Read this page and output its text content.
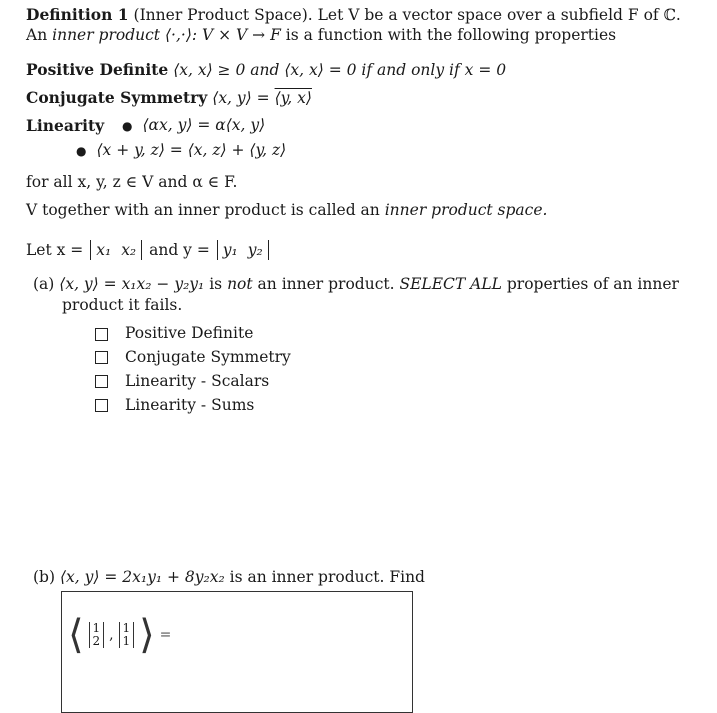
Definition 1 (Inner Product Space). Let V be a vector space over a subfield F of ℂ.
An inner product ⟨·,·⟩: V × V → F is a function with the following properties
Positive Definite ⟨x, x⟩ ≥ 0 and ⟨x, x⟩ = 0 if and only if x = 0
Conjugate Symmetry ⟨x, y⟩ = ⟨y, x⟩
Linearity ● ⟨αx, y⟩ = α⟨x, y⟩
● ⟨x + y, z⟩ = ⟨x, z⟩ + ⟨y, z⟩
for all x, y, z ∈ V and α ∈ F.
V together with an inner product is called an inner product space.
Let x = x₁ x₂ and y = y₁ y₂
(a) ⟨x, y⟩ = x₁x₂ − y₂y₁ is not an inner product. SELECT ALL properties of an inner
product it fails.
Positive Definite
Conjugate Symmetry
Linearity - Scalars
Linearity - Sums
(b) ⟨x, y⟩ = 2x₁y₁ + 8y₂x₂ is an inner product. Find
⟨ 1
2 , 1
1 ⟩ =
